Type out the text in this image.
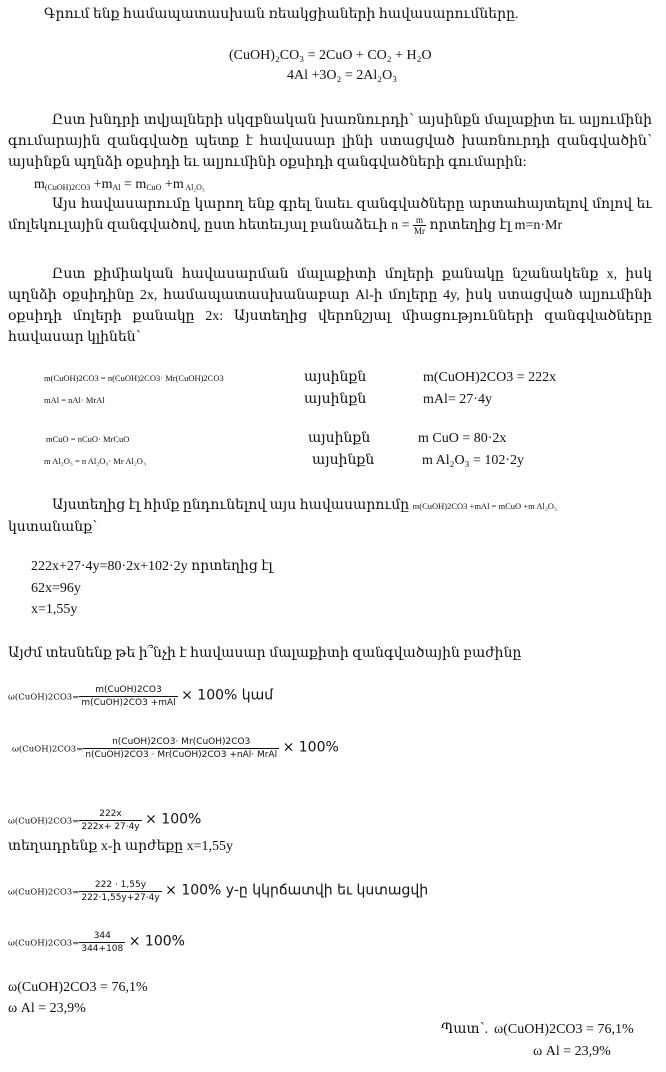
Գրում ենք համապատասխան ռեակցիաների հավասարումները.
(CuOH)₂CO₃ = 2CuO + CO₂ + H₂O
4Al +3O₂ = 2Al₂O₃
Ըստ խնդրի տվյալների սկզբնական խառնուրդի՝ այսինքն մալաքիտ եւ ալյումինի գումարային զանգվածը պետք է հավասար լինի ստացված խառնուրդի զանգվածին՝ այսինքն պղնձի օքսիդի եւ ալյումինի օքսիդի զանգվածների գումարին:
$m_{(CuOH)2CO3} +m_{Al} = m_{CuO} +m$ $_{Al_2O_3}$
Այս հավասարումը կարող ենք գրել նաեւ զանգվածները արտահայտելով մոլով եւ մոլեկուլային զանգվածով, ըստ հետեւյալ բանաձեւի $n = \frac{m}{Mr}$ որտեղից էլ m=n·Mr
Ըստ քիմիական հավասարման մալաքիտի մոլերի քանակը նշանակենք x, իսկ պղնձի օքսիդինը 2x, համապատասխանաբար Al-ի մոլերը 4y, իսկ ստացված ալյումինի օքսիդի մոլերի քանակը 2x: Այստեղից վերոնշյալ միացությունների զանգվածները հավասար կլինեն՝
m(CuOH)2CO3 = n(CuOH)2CO3· Mr(CuOH)2CO3	այսինքն	m(CuOH)2CO3 = 222x
mAl = nAl· MrAl	այսինքն	mAl= 27·4y
mCuO = nCuO· MrCuO	այսինքն	m CuO = 80·2x
m Al₂O₃ = n Al₂O₃· Mr Al₂O₃	այսինքն	m Al₂O₃ = 102·2y
Այստեղից էլ հիմք ընդունելով այս հավասարումը m(CuOH)2CO3 +mAl = mCuO +m Al₂O₃
կստանանք՝
222x+27·4y=80·2x+102·2y որտեղից էլ
62x=96y
x=1,55y
Այժմ տեսնենք թե ի՞նչի է հավասար մալաքիտի զանգվածային բաժինը
ω(CuOH)2CO3= $\frac{\text{m(CuOH)2CO3}}{\text{m(CuOH)2CO3 +mAl}} \times 100\%$ կամ
ω(CuOH)2CO3= $\frac{\text{n(CuOH)2CO3· Mr(CuOH)2CO3}}{\text{n(CuOH)2CO3 · Mr(CuOH)2CO3 +nAl· MrAl}} \times 100\%$
ω(CuOH)2CO3= $\frac{222x}{222x+ 27\cdot 4y} \times 100\%$
տեղադրենք x-ի արժեքը x=1,55y
ω(CuOH)2CO3= $\frac{222 \cdot 1,55y}{222\cdot 1,55y+27\cdot 4y} \times 100\%$ y-ը կկրճատվի եւ կստացվի
ω(CuOH)2CO3= $\frac{344}{344+108} \times 100\%$
ω(CuOH)2CO3 = 76,1%
ω Al = 23,9%
Պատ՝. ω(CuOH)2CO3 = 76,1%
ω Al = 23,9%
